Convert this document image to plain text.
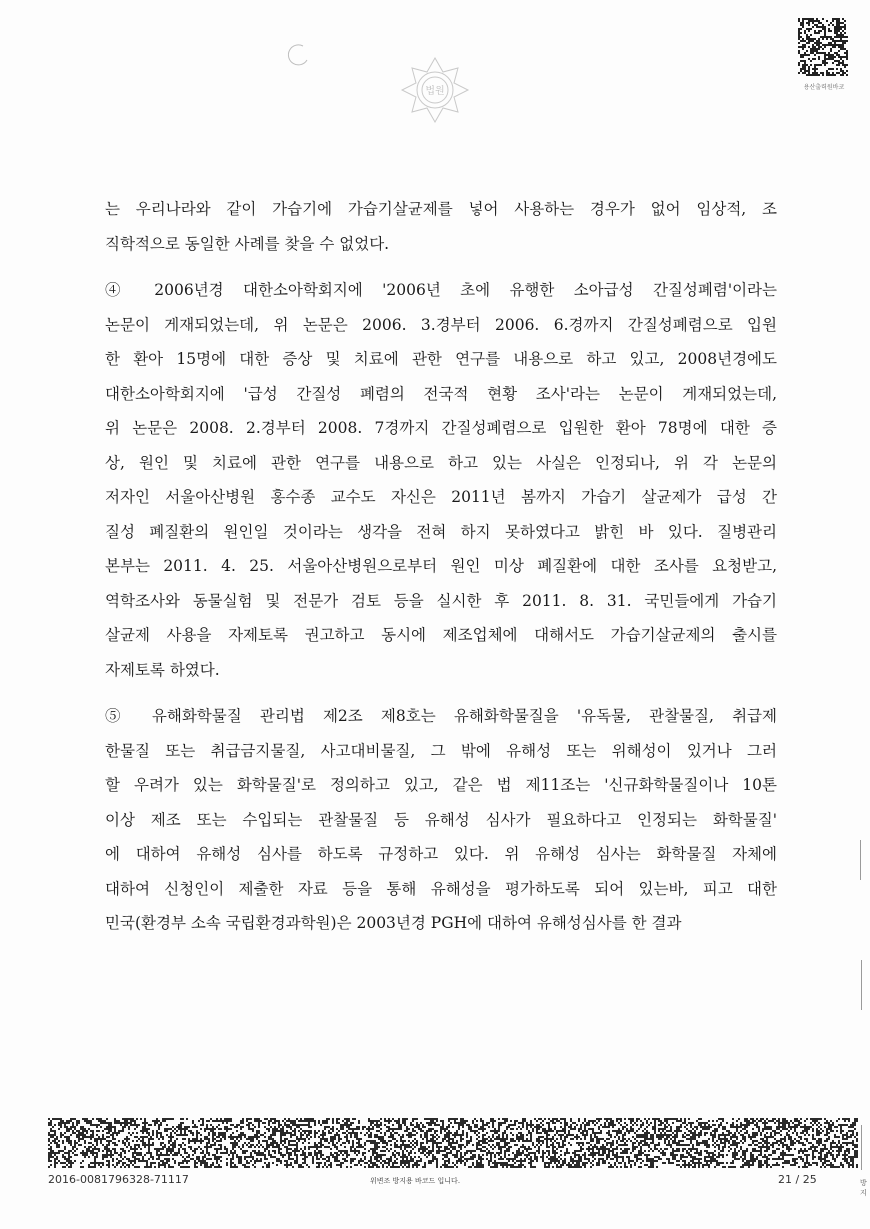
법원	용산출력원바코

는 우리나라와 같이 가습기에 가습기살균제를 넣어 사용하는 경우가 없어 임상적, 조

직학적으로 동일한 사례를 찾을 수 없었다.

④ 2006년경 대한소아학회지에 '2006년 초에 유행한 소아급성 간질성폐렴'이라는

논문이 게재되었는데, 위 논문은 2006. 3.경부터 2006. 6.경까지 간질성폐렴으로 입원

한 환아 15명에 대한 증상 및 치료에 관한 연구를 내용으로 하고 있고, 2008년경에도

대한소아학회지에 '급성 간질성 폐렴의 전국적 현황 조사'라는 논문이 게재되었는데,

위 논문은 2008. 2.경부터 2008. 7경까지 간질성폐렴으로 입원한 환아 78명에 대한 증

상, 원인 및 치료에 관한 연구를 내용으로 하고 있는 사실은 인정되나, 위 각 논문의

저자인 서울아산병원 홍수종 교수도 자신은 2011년 봄까지 가습기 살균제가 급성 간

질성 폐질환의 원인일 것이라는 생각을 전혀 하지 못하였다고 밝힌 바 있다. 질병관리

본부는 2011. 4. 25. 서울아산병원으로부터 원인 미상 폐질환에 대한 조사를 요청받고,

역학조사와 동물실험 및 전문가 검토 등을 실시한 후 2011. 8. 31. 국민들에게 가습기

살균제 사용을 자제토록 권고하고 동시에 제조업체에 대해서도 가습기살균제의 출시를

자제토록 하였다.

⑤ 유해화학물질 관리법 제2조 제8호는 유해화학물질을 '유독물, 관찰물질, 취급제

한물질 또는 취급금지물질, 사고대비물질, 그 밖에 유해성 또는 위해성이 있거나 그러

할 우려가 있는 화학물질'로 정의하고 있고, 같은 법 제11조는 '신규화학물질이나 10톤

이상 제조 또는 수입되는 관찰물질 등 유해성 심사가 필요하다고 인정되는 화학물질'

에 대하여 유해성 심사를 하도록 규정하고 있다. 위 유해성 심사는 화학물질 자체에

대하여 신청인이 제출한 자료 등을 통해 유해성을 평가하도록 되어 있는바, 피고 대한

민국(환경부 소속 국립환경과학원)은 2003년경 PGH에 대하여 유해성심사를 한 결과

2016-0081796328-71117	위변조 방지용 바코드 입니다.	21 / 25	방지
